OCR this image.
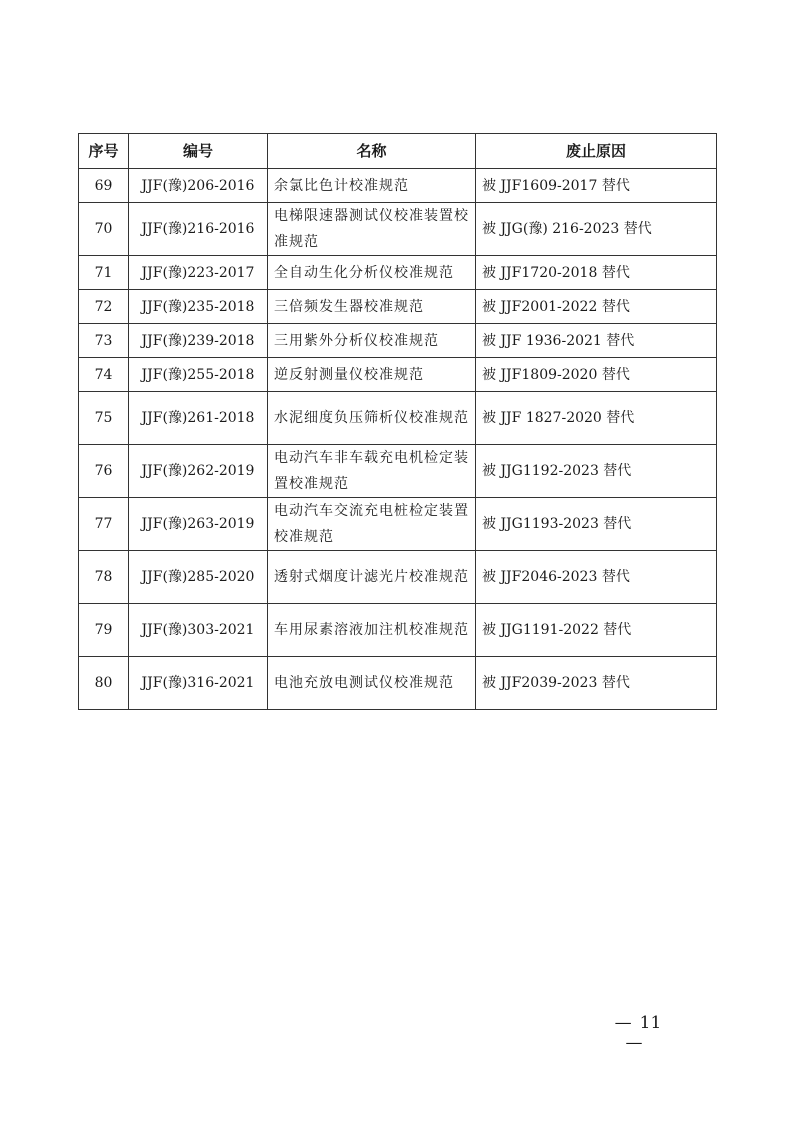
序号	编号	名称	废止原因
69	JJF(豫)206-2016	余氯比色计校准规范	被 JJF1609-2017 替代
70	JJF(豫)216-2016	电梯限速器测试仪校准装置校准规范	被 JJG(豫) 216-2023 替代
71	JJF(豫)223-2017	全自动生化分析仪校准规范	被 JJF1720-2018 替代
72	JJF(豫)235-2018	三倍频发生器校准规范	被 JJF2001-2022 替代
73	JJF(豫)239-2018	三用紫外分析仪校准规范	被 JJF 1936-2021 替代
74	JJF(豫)255-2018	逆反射测量仪校准规范	被 JJF1809-2020 替代
75	JJF(豫)261-2018	水泥细度负压筛析仪校准规范	被 JJF 1827-2020 替代
76	JJF(豫)262-2019	电动汽车非车载充电机检定装置校准规范	被 JJG1192-2023 替代
77	JJF(豫)263-2019	电动汽车交流充电桩检定装置校准规范	被 JJG1193-2023 替代
78	JJF(豫)285-2020	透射式烟度计滤光片校准规范	被 JJF2046-2023 替代
79	JJF(豫)303-2021	车用尿素溶液加注机校准规范	被 JJG1191-2022 替代
80	JJF(豫)316-2021	电池充放电测试仪校准规范	被 JJF2039-2023 替代
— 11—
